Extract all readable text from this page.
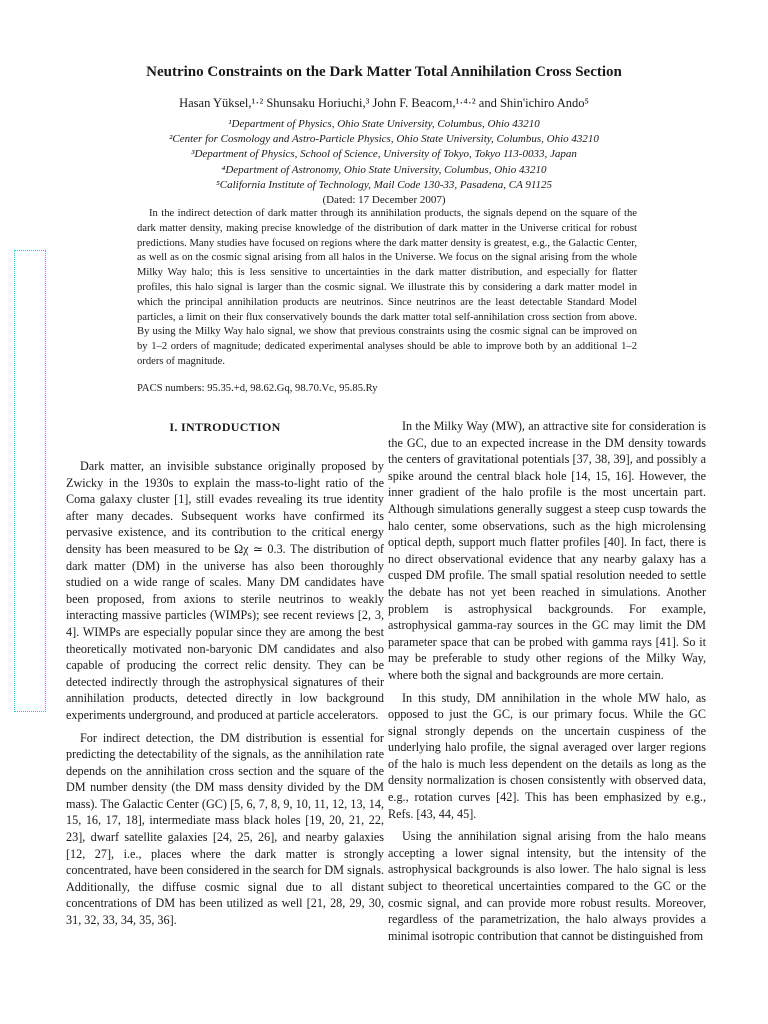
Neutrino Constraints on the Dark Matter Total Annihilation Cross Section
Hasan Yüksel,¹·² Shunsaku Horiuchi,³ John F. Beacom,¹·⁴·² and Shin'ichiro Ando⁵
¹Department of Physics, Ohio State University, Columbus, Ohio 43210
²Center for Cosmology and Astro-Particle Physics, Ohio State University, Columbus, Ohio 43210
³Department of Physics, School of Science, University of Tokyo, Tokyo 113-0033, Japan
⁴Department of Astronomy, Ohio State University, Columbus, Ohio 43210
⁵California Institute of Technology, Mail Code 130-33, Pasadena, CA 91125
(Dated: 17 December 2007)
In the indirect detection of dark matter through its annihilation products, the signals depend on the square of the dark matter density, making precise knowledge of the distribution of dark matter in the Universe critical for robust predictions. Many studies have focused on regions where the dark matter density is greatest, e.g., the Galactic Center, as well as on the cosmic signal arising from all halos in the Universe. We focus on the signal arising from the whole Milky Way halo; this is less sensitive to uncertainties in the dark matter distribution, and especially for flatter profiles, this halo signal is larger than the cosmic signal. We illustrate this by considering a dark matter model in which the principal annihilation products are neutrinos. Since neutrinos are the least detectable Standard Model particles, a limit on their flux conservatively bounds the dark matter total self-annihilation cross section from above. By using the Milky Way halo signal, we show that previous constraints using the cosmic signal can be improved on by 1–2 orders of magnitude; dedicated experimental analyses should be able to improve both by an additional 1–2 orders of magnitude.
PACS numbers: 95.35.+d, 98.62.Gq, 98.70.Vc, 95.85.Ry
I. INTRODUCTION

Dark matter, an invisible substance originally proposed by Zwicky in the 1930s to explain the mass-to-light ratio of the Coma galaxy cluster [1], still evades revealing its true identity after many decades. Subsequent works have confirmed its pervasive existence, and its contribution to the critical energy density has been measured to be Ωχ ≃ 0.3. The distribution of dark matter (DM) in the universe has also been thoroughly studied on a wide range of scales. Many DM candidates have been proposed, from axions to sterile neutrinos to weakly interacting massive particles (WIMPs); see recent reviews [2, 3, 4]. WIMPs are especially popular since they are among the best theoretically motivated non-baryonic DM candidates and also capable of producing the correct relic density. They can be detected indirectly through the astrophysical signatures of their annihilation products, detected directly in low background experiments underground, and produced at particle accelerators.

For indirect detection, the DM distribution is essential for predicting the detectability of the signals, as the annihilation rate depends on the annihilation cross section and the square of the DM number density (the DM mass density divided by the DM mass). The Galactic Center (GC) [5, 6, 7, 8, 9, 10, 11, 12, 13, 14, 15, 16, 17, 18], intermediate mass black holes [19, 20, 21, 22, 23], dwarf satellite galaxies [24, 25, 26], and nearby galaxies [12, 27], i.e., places where the dark matter is strongly concentrated, have been considered in the search for DM signals. Additionally, the diffuse cosmic signal due to all distant concentrations of DM has been utilized as well [21, 28, 29, 30, 31, 32, 33, 34, 35, 36].

In the Milky Way (MW), an attractive site for consideration is the GC, due to an expected increase in the DM density towards the centers of gravitational potentials [37, 38, 39], and possibly a spike around the central black hole [14, 15, 16]. However, the inner gradient of the halo profile is the most uncertain part. Although simulations generally suggest a steep cusp towards the halo center, some observations, such as the high microlensing optical depth, support much flatter profiles [40]. In fact, there is no direct observational evidence that any nearby galaxy has a cusped DM profile. The small spatial resolution needed to settle the debate has not yet been reached in simulations. Another problem is astrophysical backgrounds. For example, astrophysical gamma-ray sources in the GC may limit the DM parameter space that can be probed with gamma rays [41]. So it may be preferable to study other regions of the Milky Way, where both the signal and backgrounds are more certain.

In this study, DM annihilation in the whole MW halo, as opposed to just the GC, is our primary focus. While the GC signal strongly depends on the uncertain cuspiness of the underlying halo profile, the signal averaged over larger regions of the halo is much less dependent on the details as long as the density normalization is chosen consistently with observed data, e.g., rotation curves [42]. This has been emphasized by e.g., Refs. [43, 44, 45].

Using the annihilation signal arising from the halo means accepting a lower signal intensity, but the intensity of the astrophysical backgrounds is also lower. The halo signal is less subject to theoretical uncertainties compared to the GC or the cosmic signal, and can provide more robust results. Moreover, regardless of the parametrization, the halo always provides a minimal isotropic contribution that cannot be distinguished from
